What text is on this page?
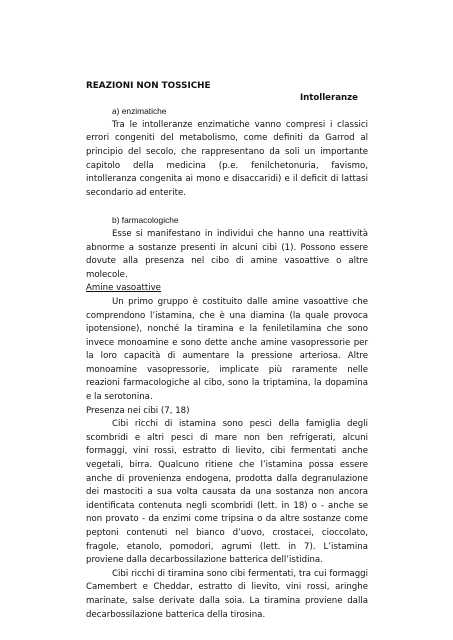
REAZIONI NON TOSSICHE

Intolleranze

a) enzimatiche

Tra le intolleranze enzimatiche vanno compresi i classici errori congeniti del metabolismo, come definiti da Garrod al principio del secolo, che rappresentano da soli un importante capitolo della medicina (p.e. fenilchetonuria, favismo, intolleranza congenita ai mono e disaccaridi) e il deficit di lattasi secondario ad enterite.

b) farmacologiche

Esse si manifestano in individui che hanno una reattività abnorme a sostanze presenti in alcuni cibi (1). Possono essere dovute alla presenza nel cibo di amine vasoattive o altre molecole.

Amine vasoattive

Un primo gruppo è costituito dalle amine vasoattive che comprendono l’istamina, che è una diamina (la quale provoca ipotensione), nonché la tiramina e la feniletilamina che sono invece monoamine e sono dette anche amine vasopressorie per la loro capacità di aumentare la pressione arteriosa. Altre monoamine vasopressorie, implicate più raramente nelle reazioni farmacologiche al cibo, sono la triptamina, la dopamina e la serotonina.

Presenza nei cibi (7, 18)

Cibi ricchi di istamina sono pesci della famiglia degli scombridi e altri pesci di mare non ben refrigerati, alcuni formaggi, vini rossi, estratto di lievito, cibi fermentati anche vegetali, birra. Qualcuno ritiene che l’istamina possa essere anche di provenienza endogena, prodotta dalla degranulazione dei mastociti a sua volta causata da una sostanza non ancora identificata contenuta negli scombridi (lett. in 18) o - anche se non provato - da enzimi come tripsina o da altre sostanze come peptoni contenuti nel bianco d’uovo, crostacei, cioccolato, fragole, etanolo, pomodori, agrumi (lett. in 7). L’istamina proviene dalla decarbossilazione batterica dell’istidina.

Cibi ricchi di tiramina sono cibi fermentati, tra cui formaggi Camembert e Cheddar, estratto di lievito, vini rossi, aringhe marinate, salse derivate dalla soia. La tiramina proviene dalla decarbossilazione batterica della tirosina.
